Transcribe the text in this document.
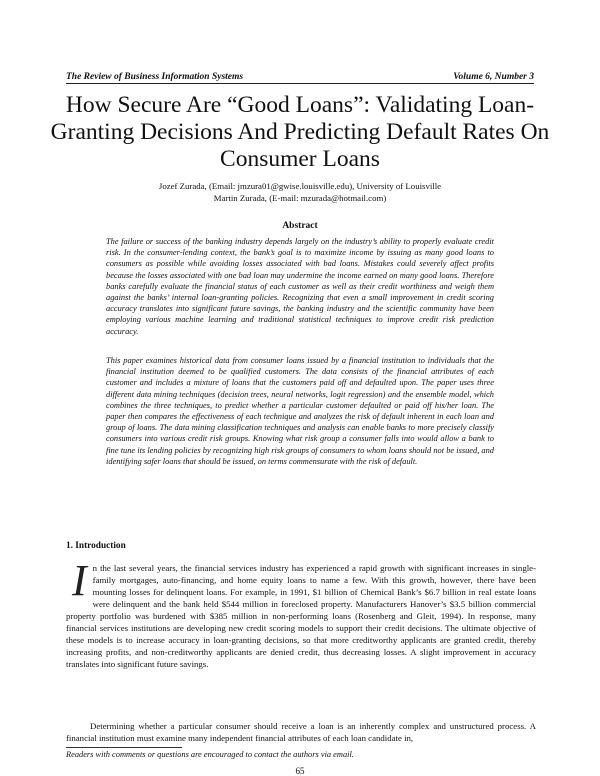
The Review of Business Information Systems	Volume 6, Number 3
How Secure Are “Good Loans”: Validating Loan-Granting Decisions And Predicting Default Rates On Consumer Loans
Jozef Zurada, (Email: jmzura01@gwise.louisville.edu), University of Louisville
Martin Zurada, (E-mail: mzurada@hotmail.com)
Abstract
The failure or success of the banking industry depends largely on the industry’s ability to properly evaluate credit risk. In the consumer-lending context, the bank’s goal is to maximize income by issuing as many good loans to consumers as possible while avoiding losses associated with bad loans. Mistakes could severely affect profits because the losses associated with one bad loan may undermine the income earned on many good loans. Therefore banks carefully evaluate the financial status of each customer as well as their credit worthiness and weigh them against the banks’ internal loan-granting policies. Recognizing that even a small improvement in credit scoring accuracy translates into significant future savings, the banking industry and the scientific community have been employing various machine learning and traditional statistical techniques to improve credit risk prediction accuracy.
This paper examines historical data from consumer loans issued by a financial institution to individuals that the financial institution deemed to be qualified customers. The data consists of the financial attributes of each customer and includes a mixture of loans that the customers paid off and defaulted upon. The paper uses three different data mining techniques (decision trees, neural networks, logit regression) and the ensemble model, which combines the three techniques, to predict whether a particular customer defaulted or paid off his/her loan. The paper then compares the effectiveness of each technique and analyzes the risk of default inherent in each loan and group of loans. The data mining classification techniques and analysis can enable banks to more precisely classify consumers into various credit risk groups. Knowing what risk group a consumer falls into would allow a bank to fine tune its lending policies by recognizing high risk groups of consumers to whom loans should not be issued, and identifying safer loans that should be issued, on terms commensurate with the risk of default.
1. Introduction
I n the last several years, the financial services industry has experienced a rapid growth with significant increases in single-family mortgages, auto-financing, and home equity loans to name a few. With this growth, however, there have been mounting losses for delinquent loans. For example, in 1991, $1 billion of Chemical Bank’s $6.7 billion in real estate loans were delinquent and the bank held $544 million in foreclosed property. Manufacturers Hanover’s $3.5 billion commercial property portfolio was burdened with $385 million in non-performing loans (Rosenberg and Gleit, 1994). In response, many financial services institutions are developing new credit scoring models to support their credit decisions. The ultimate objective of these models is to increase accuracy in loan-granting decisions, so that more creditworthy applicants are granted credit, thereby increasing profits, and non-creditworthy applicants are denied credit, thus decreasing losses. A slight improvement in accuracy translates into significant future savings.
Determining whether a particular consumer should receive a loan is an inherently complex and unstructured process. A financial institution must examine many independent financial attributes of each loan candidate in,
Readers with comments or questions are encouraged to contact the authors via email.
65
